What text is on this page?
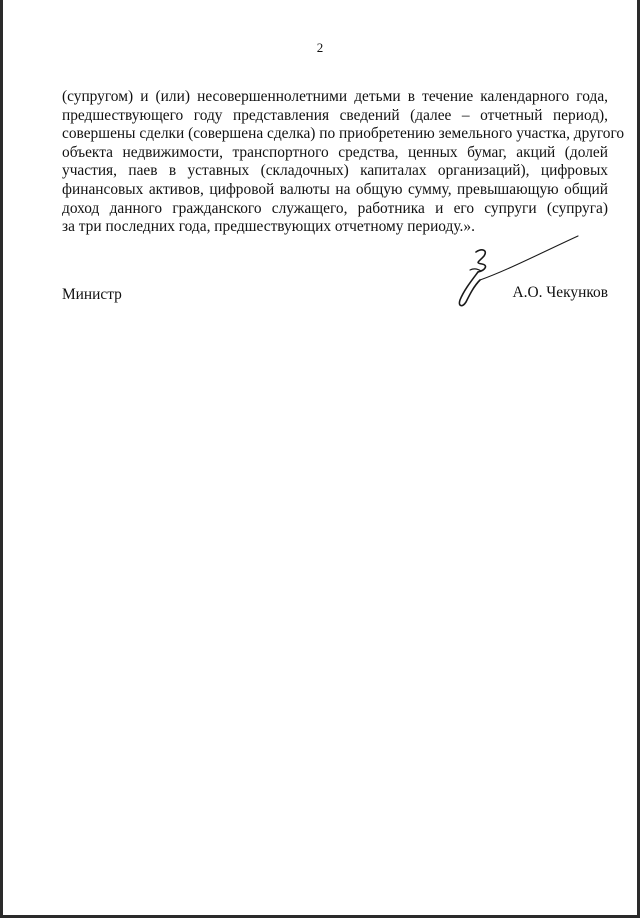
2
(супругом) и (или) несовершеннолетними детьми в течение календарного года,
предшествующего году представления сведений (далее – отчетный период),
совершены сделки (совершена сделка) по приобретению земельного участка, другого
объекта недвижимости, транспортного средства, ценных бумаг, акций (долей
участия, паев в уставных (складочных) капиталах организаций), цифровых
финансовых активов, цифровой валюты на общую сумму, превышающую общий
доход данного гражданского служащего, работника и его супруги (супруга)
за три последних года, предшествующих отчетному периоду.».
Министр	А.О. Чекунков
